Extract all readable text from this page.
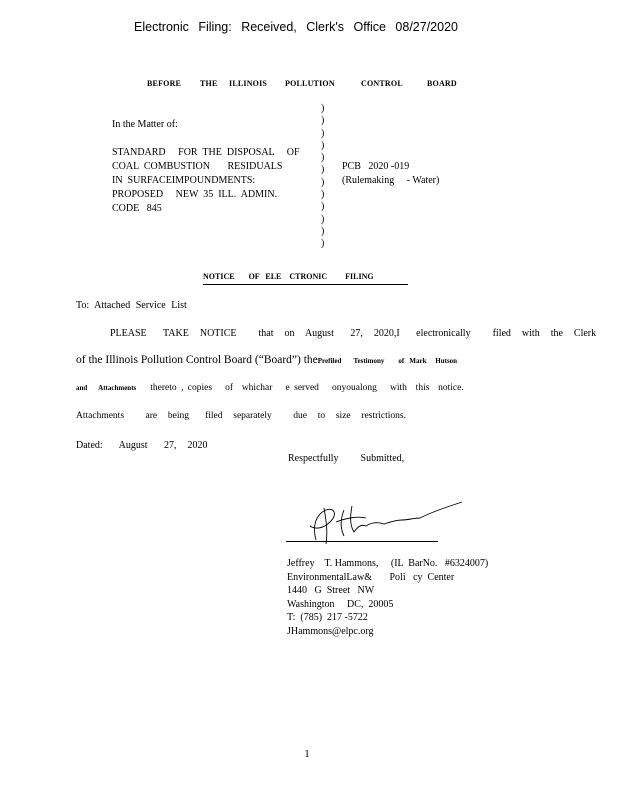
Electronic Filing: Received, Clerk's Office 08/27/2020
BEFORE	THE	ILLINOIS	POLLUTION	CONTROL	BOARD
In the Matter of:
STANDARD     FOR  THE  DISPOSAL     OF
COAL  COMBUSTION       RESIDUALS
IN  SURFACEIMPOUNDMENTS:
PROPOSED     NEW  35  ILL.  ADMIN.
CODE   845
)
)
)
)
)
)
)
)
)
)
)
)
PCB   2020 -019
(Rulemaking     - Water)
NOTICE       OF   ELE    CTRONIC         FILING
To: Attached Service List
PLEASE   TAKE  NOTICE    that  on  August   27,  2020,I   electronically    filed  with  the  Clerk
of the Illinois Pollution Control Board (“Board”) thePrefiled       Testimony        of   Mark     Hutson
and   Attachments thereto , copies   of  whichar   e served   onyoualong   with  this  notice.
Attachments    are  being   filed  separately    due  to  size  restrictions.
Dated:   August   27,  2020
Respectfully    Submitted,
Jeffrey    T. Hammons,     (IL  BarNo.   #6324007)
EnvironmentalLaw&       Poli   cy  Center
1440   G  Street   NW
Washington     DC,  20005
T:  (785)  217 -5722
JHammons@elpc.org
1
